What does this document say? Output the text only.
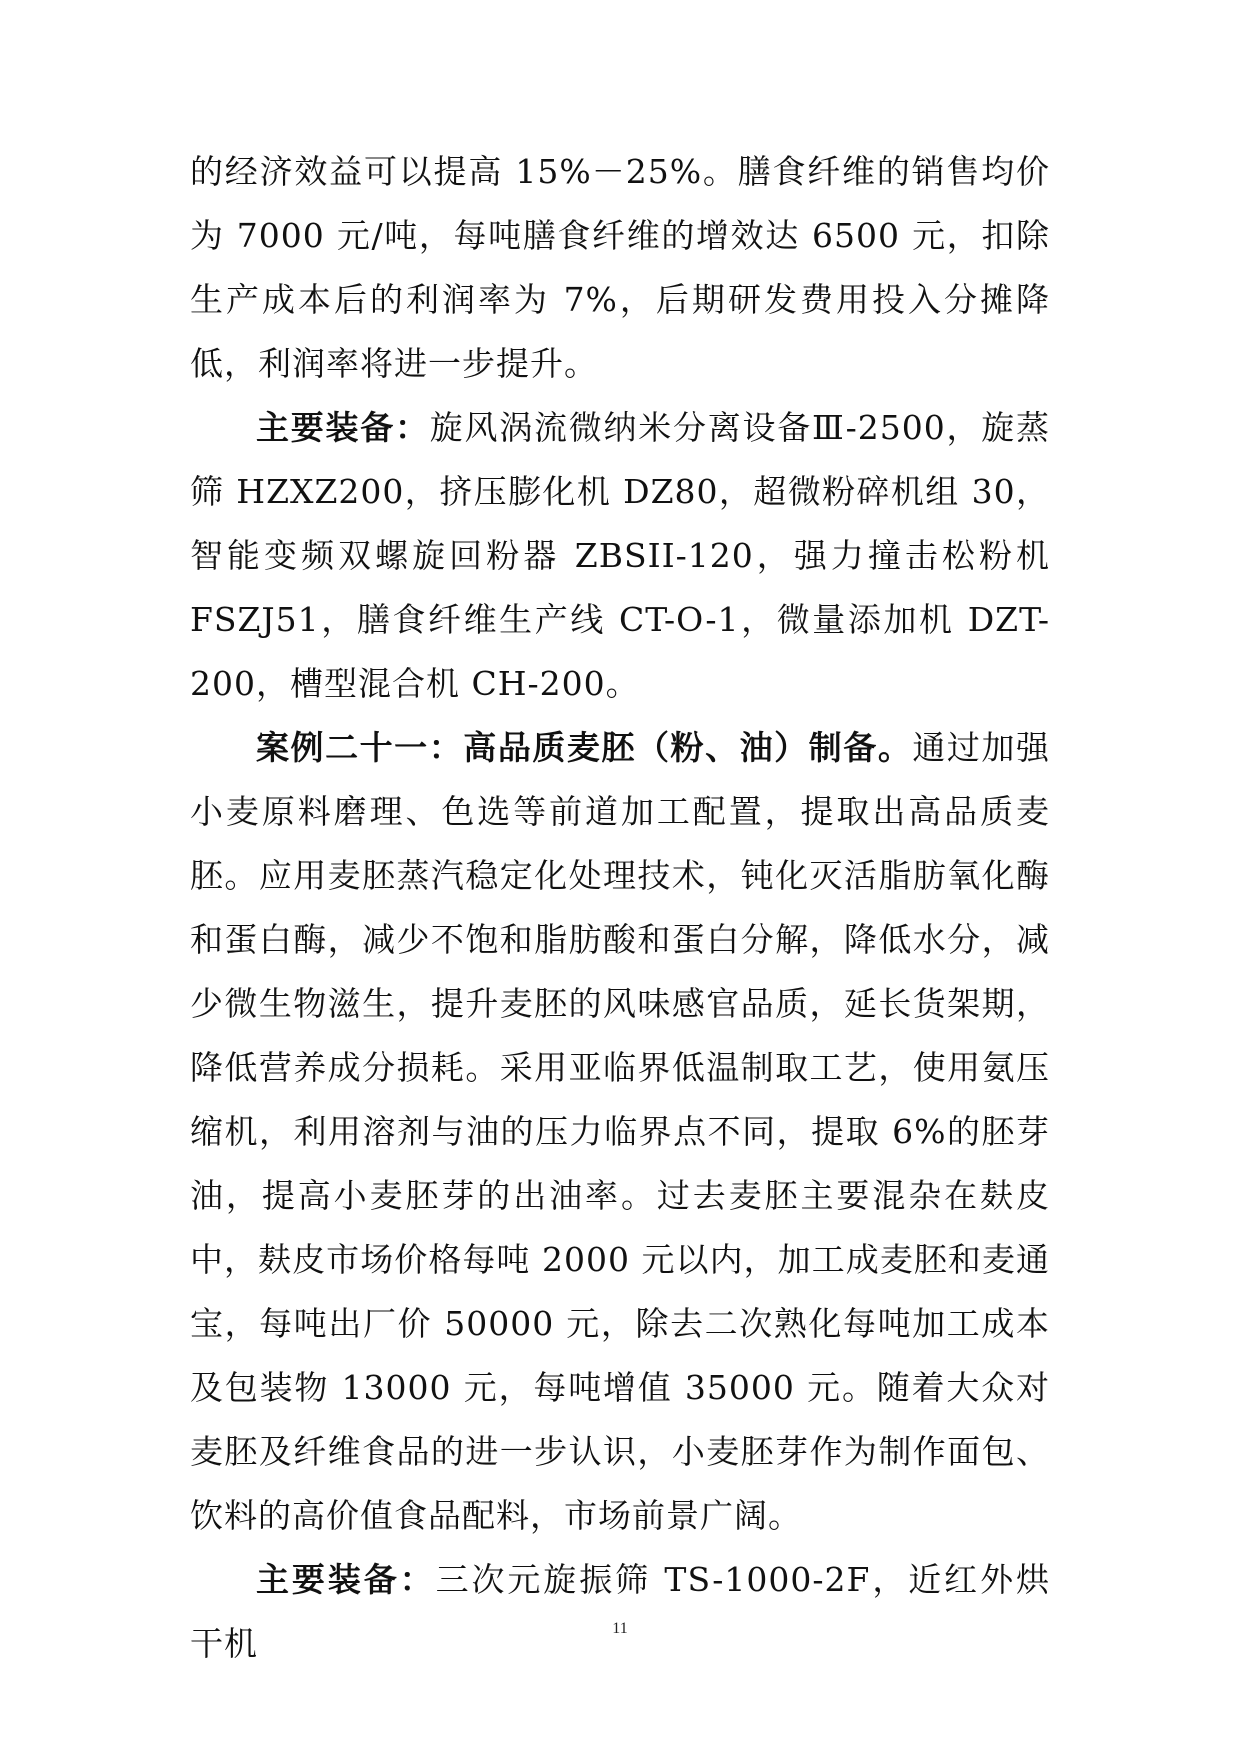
的经济效益可以提高 15%－25%。膳食纤维的销售均价为 7000 元/吨，每吨膳食纤维的增效达 6500 元，扣除生产成本后的利润率为 7%，后期研发费用投入分摊降低，利润率将进一步提升。

主要装备：旋风涡流微纳米分离设备Ⅲ-2500，旋蒸筛 HZXZ200，挤压膨化机 DZ80，超微粉碎机组 30，智能变频双螺旋回粉器 ZBSII-120，强力撞击松粉机 FSZJ51，膳食纤维生产线 CT-O-1，微量添加机 DZT-200，槽型混合机 CH-200。

案例二十一：高品质麦胚（粉、油）制备。通过加强小麦原料磨理、色选等前道加工配置，提取出高品质麦胚。应用麦胚蒸汽稳定化处理技术，钝化灭活脂肪氧化酶和蛋白酶，减少不饱和脂肪酸和蛋白分解，降低水分，减少微生物滋生，提升麦胚的风味感官品质，延长货架期，降低营养成分损耗。采用亚临界低温制取工艺，使用氨压缩机，利用溶剂与油的压力临界点不同，提取 6%的胚芽油，提高小麦胚芽的出油率。过去麦胚主要混杂在麸皮中，麸皮市场价格每吨 2000 元以内，加工成麦胚和麦通宝，每吨出厂价 50000 元，除去二次熟化每吨加工成本及包装物 13000 元，每吨增值 35000 元。随着大众对麦胚及纤维食品的进一步认识，小麦胚芽作为制作面包、饮料的高价值食品配料，市场前景广阔。

主要装备：三次元旋振筛 TS-1000-2F，近红外烘干机	11
